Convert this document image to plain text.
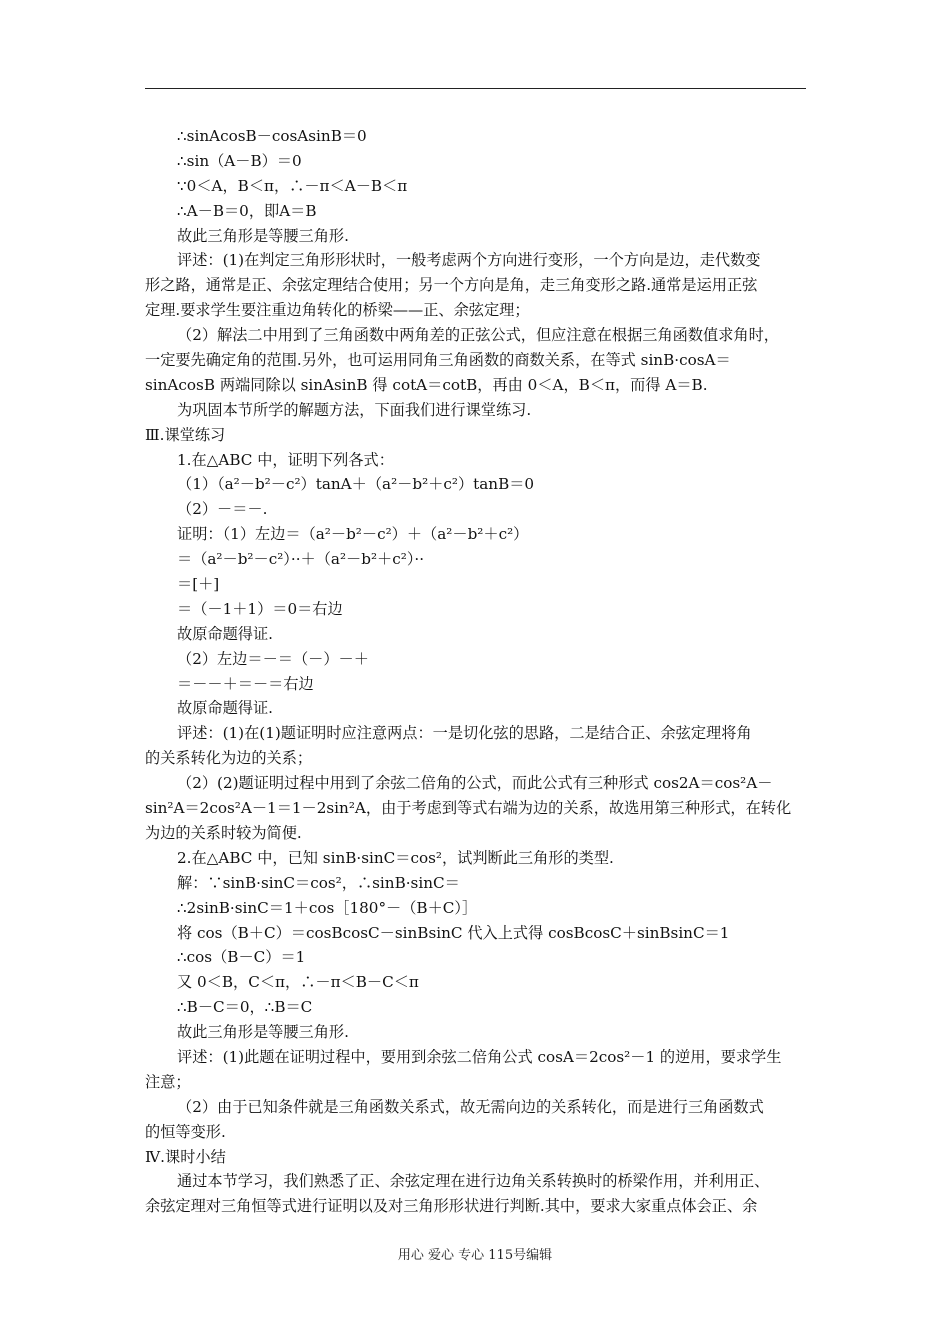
∴sinAcosB－cosAsinB＝0
∴sin（A－B）＝0
∵0＜A，B＜π，∴－π＜A－B＜π
∴A－B＝0，即A＝B
故此三角形是等腰三角形.
评述：(1)在判定三角形形状时，一般考虑两个方向进行变形，一个方向是边，走代数变
形之路，通常是正、余弦定理结合使用；另一个方向是角，走三角变形之路.通常是运用正弦
定理.要求学生要注重边角转化的桥梁——正、余弦定理；
（2）解法二中用到了三角函数中两角差的正弦公式，但应注意在根据三角函数值求角时，
一定要先确定角的范围.另外，也可运用同角三角函数的商数关系，在等式 sinB·cosA＝
sinAcosB 两端同除以 sinAsinB 得 cotA＝cotB，再由 0＜A，B＜π，而得 A＝B.
为巩固本节所学的解题方法，下面我们进行课堂练习.
Ⅲ.课堂练习
1.在△ABC 中，证明下列各式：
（1）（a²－b²－c²）tanA＋（a²－b²＋c²）tanB＝0
（2）－＝－.
证明：（1）左边＝（a²－b²－c²）＋（a²－b²＋c²）
＝（a²－b²－c²）··＋（a²－b²＋c²）··
＝[＋]
＝（－1＋1）＝0＝右边
故原命题得证.
（2）左边＝－＝（－）－＋
＝－－＋＝－＝右边
故原命题得证.
评述：(1)在(1)题证明时应注意两点：一是切化弦的思路，二是结合正、余弦定理将角
的关系转化为边的关系；
（2）(2)题证明过程中用到了余弦二倍角的公式，而此公式有三种形式 cos2A＝cos²A－
sin²A＝2cos²A－1＝1－2sin²A，由于考虑到等式右端为边的关系，故选用第三种形式，在转化
为边的关系时较为简便.
2.在△ABC 中，已知 sinB·sinC＝cos²，试判断此三角形的类型.
解：∵sinB·sinC＝cos²，∴sinB·sinC＝
∴2sinB·sinC＝1＋cos［180°－（B＋C）］
将 cos（B＋C）＝cosBcosC－sinBsinC 代入上式得 cosBcosC＋sinBsinC＝1
∴cos（B－C）＝1
又 0＜B，C＜π，∴－π＜B－C＜π
∴B－C＝0，∴B＝C
故此三角形是等腰三角形.
评述：(1)此题在证明过程中，要用到余弦二倍角公式 cosA＝2cos²－1 的逆用，要求学生
注意；
（2）由于已知条件就是三角函数关系式，故无需向边的关系转化，而是进行三角函数式
的恒等变形.
Ⅳ.课时小结
通过本节学习，我们熟悉了正、余弦定理在进行边角关系转换时的桥梁作用，并利用正、
余弦定理对三角恒等式进行证明以及对三角形形状进行判断.其中，要求大家重点体会正、余
用心 爱心 专心 115号编辑
